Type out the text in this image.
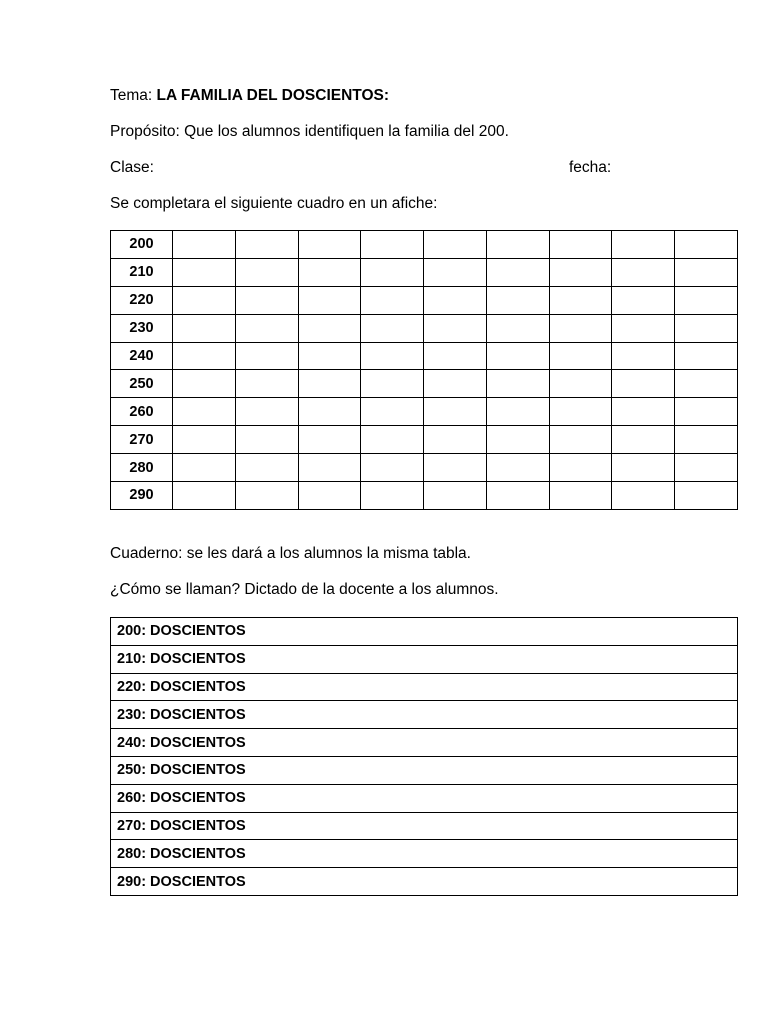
Tema: LA FAMILIA DEL DOSCIENTOS:
Propósito: Que los alumnos identifiquen la familia del 200.
Clase:	fecha:
Se completara el siguiente cuadro en un afiche:
200									
210									
220									
230									
240									
250									
260									
270									
280									
290									
Cuaderno: se les dará a los alumnos la misma tabla.
¿Cómo se llaman? Dictado de la docente a los alumnos.
200: DOSCIENTOS
210: DOSCIENTOS
220: DOSCIENTOS
230: DOSCIENTOS
240: DOSCIENTOS
250: DOSCIENTOS
260: DOSCIENTOS
270: DOSCIENTOS
280: DOSCIENTOS
290: DOSCIENTOS
